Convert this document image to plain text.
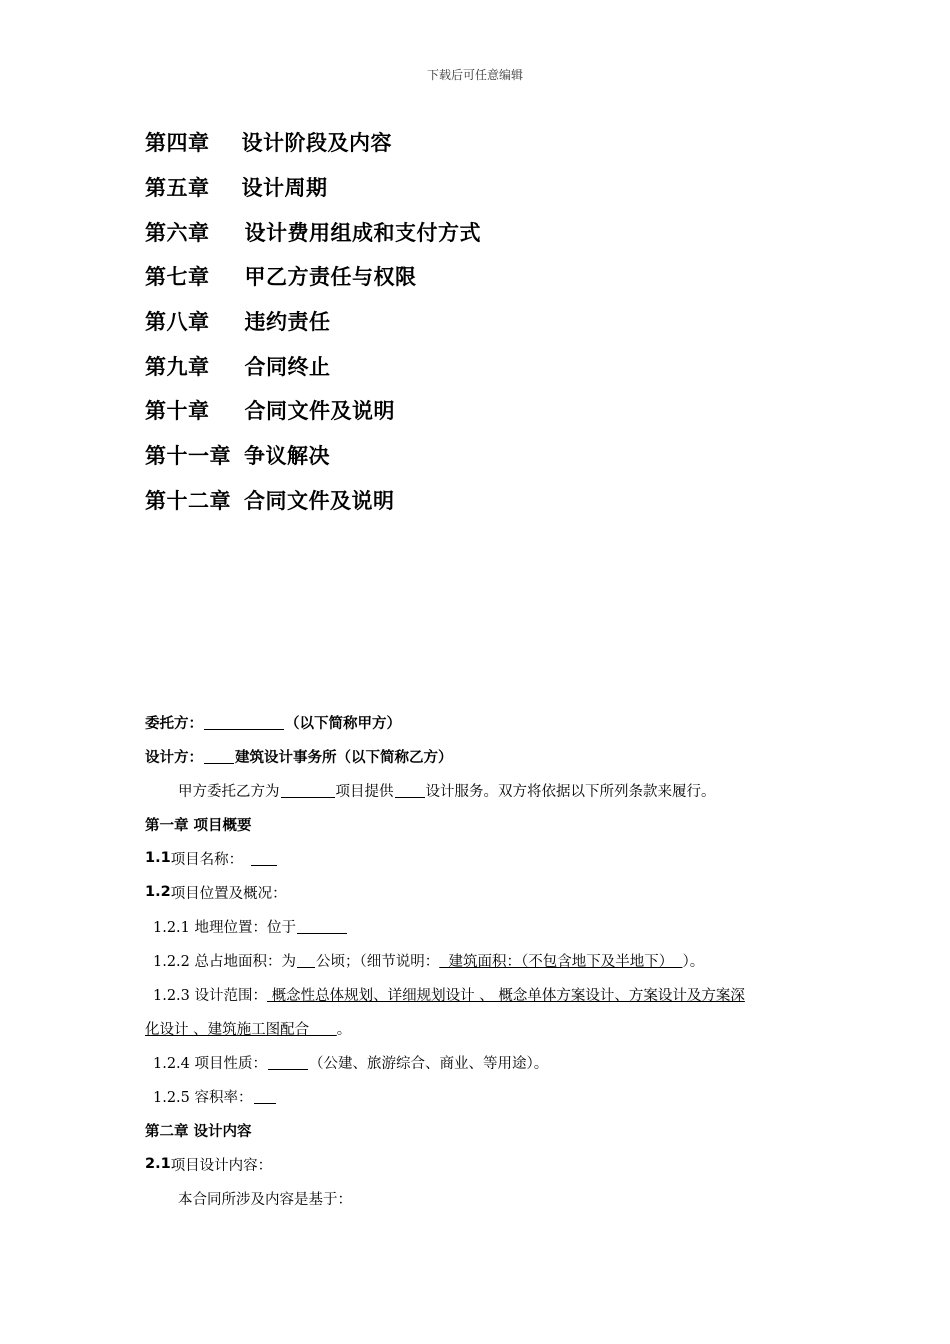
下载后可任意编辑
第四章 设计阶段及内容
第五章 设计周期
第六章 设计费用组成和支付方式
第七章 甲乙方责任与权限
第八章 违约责任
第九章 合同终止
第十章 合同文件及说明
第十一章 争议解决
第十二章 合同文件及说明
委托方：	（以下简称甲方）
设计方： 建筑设计事务所（以下简称乙方）
甲方委托乙方为	项目提供 设计服务。双方将依据以下所列条款来履行。
第一章 项目概要
1.1 项目名称：
1.2 项目位置及概况：
1.2.1 地理位置：位于
1.2.2 总占地面积：为 公顷；（细节说明： 建筑面积：（不包含地下及半地下） ）。
1.2.3 设计范围： 概念性总体规划、详细规划设计 、 概念单体方案设计、方案设计及方案深
化设计 、建筑施工图配合 。
1.2.4 项目性质：	（公建、旅游综合、商业、等用途）。
1.2.5 容积率：
第二章 设计内容
2.1 项目设计内容：
本合同所涉及内容是基于：
